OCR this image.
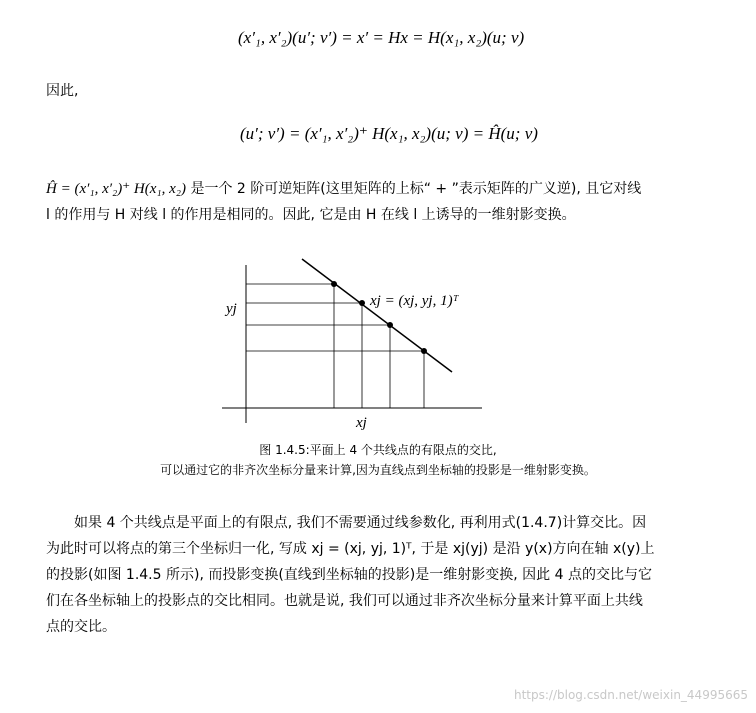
(x′₁, x′₂)(u′; v′) = x′ = Hx = H(x₁, x₂)(u; v)
因此,
(u′; v′) = (x′₁, x′₂)⁺ H(x₁, x₂)(u; v) = Ĥ(u; v)
Ĥ = (x′₁, x′₂)⁺ H(x₁, x₂) 是一个 2 阶可逆矩阵(这里矩阵的上标“ + ”表示矩阵的广义逆), 且它对线
l 的作用与 H 对线 l 的作用是相同的。因此, 它是由 H 在线 l 上诱导的一维射影变换。
yj
xj
xj = (xj, yj, 1)ᵀ
图 1.4.5:平面上 4 个共线点的有限点的交比,
可以通过它的非齐次坐标分量来计算,因为直线点到坐标轴的投影是一维射影变换。
如果 4 个共线点是平面上的有限点, 我们不需要通过线参数化, 再利用式(1.4.7)计算交比。因
为此时可以将点的第三个坐标归一化, 写成 xj = (xj, yj, 1)ᵀ, 于是 xj(yj) 是沿 y(x)方向在轴 x(y)上
的投影(如图 1.4.5 所示), 而投影变换(直线到坐标轴的投影)是一维射影变换, 因此 4 点的交比与它
们在各坐标轴上的投影点的交比相同。也就是说, 我们可以通过非齐次坐标分量来计算平面上共线
点的交比。
https://blog.csdn.net/weixin_44995665
